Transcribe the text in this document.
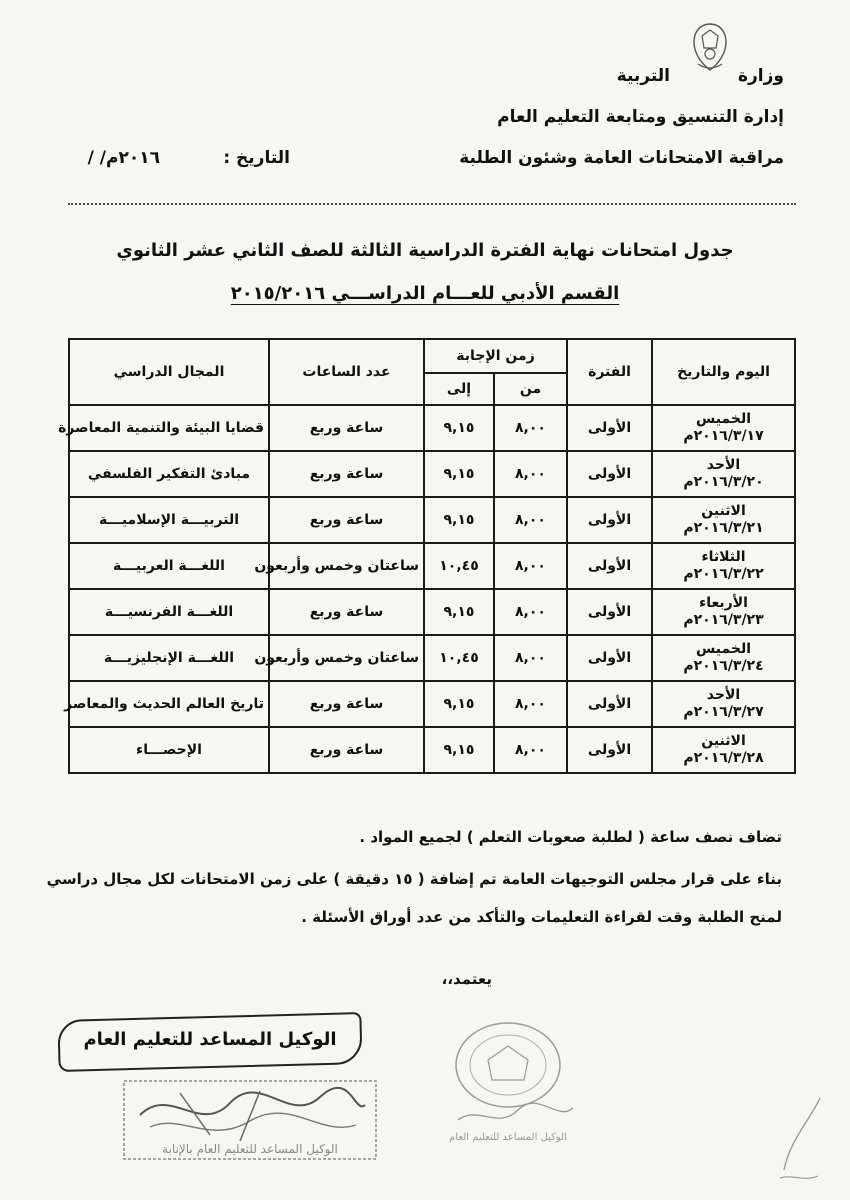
وزارة
التربية
إدارة التنسيق ومتابعة التعليم العام
مراقبة الامتحانات العامة وشئون الطلبة
التاريخ :
/ /٢٠١٦م
جدول امتحانات نهاية الفترة الدراسية الثالثة للصف الثاني عشر الثانوي
القسم الأدبي للعـــام الدراســـي ٢٠١٥/٢٠١٦
اليوم والتاريخ	الفترة	زمن الإجابة		عدد الساعات	المجال الدراسي
		من	إلى		

الخميس
٢٠١٦/٣/١٧م	الأولى	٨,٠٠	٩,١٥	ساعة وربع	قضايا البيئة والتنمية المعاصرة

الأحد
٢٠١٦/٣/٢٠م	الأولى	٨,٠٠	٩,١٥	ساعة وربع	مبادئ التفكير الفلسفي

الاثنين
٢٠١٦/٣/٢١م	الأولى	٨,٠٠	٩,١٥	ساعة وربع	التربيـــة الإسلاميـــة

الثلاثاء
٢٠١٦/٣/٢٢م	الأولى	٨,٠٠	١٠,٤٥	ساعتان وخمس وأربعون	اللغـــة العربيـــة

الأربعاء
٢٠١٦/٣/٢٣م	الأولى	٨,٠٠	٩,١٥	ساعة وربع	اللغـــة الفرنسيـــة

الخميس
٢٠١٦/٣/٢٤م	الأولى	٨,٠٠	١٠,٤٥	ساعتان وخمس وأربعون	اللغـــة الإنجليزيـــة

الأحد
٢٠١٦/٣/٢٧م	الأولى	٨,٠٠	٩,١٥	ساعة وربع	تاريخ العالم الحديث والمعاصر

الاثنين
٢٠١٦/٣/٢٨م	الأولى	٨,٠٠	٩,١٥	ساعة وربع	الإحصـــاء
تضاف نصف ساعة ( لطلبة صعوبات التعلم ) لجميع المواد .
بناء على قرار مجلس التوجيهات العامة تم إضافة ( ١٥ دقيقة ) على زمن الامتحانات لكل مجال دراسي
لمنح الطلبة وقت لقراءة التعليمات والتأكد من عدد أوراق الأسئلة .
يعتمد،،
الوكيل المساعد للتعليم العام
الوكيل المساعد للتعليم العام بالإنابة
الوكيل المساعد للتعليم العام
